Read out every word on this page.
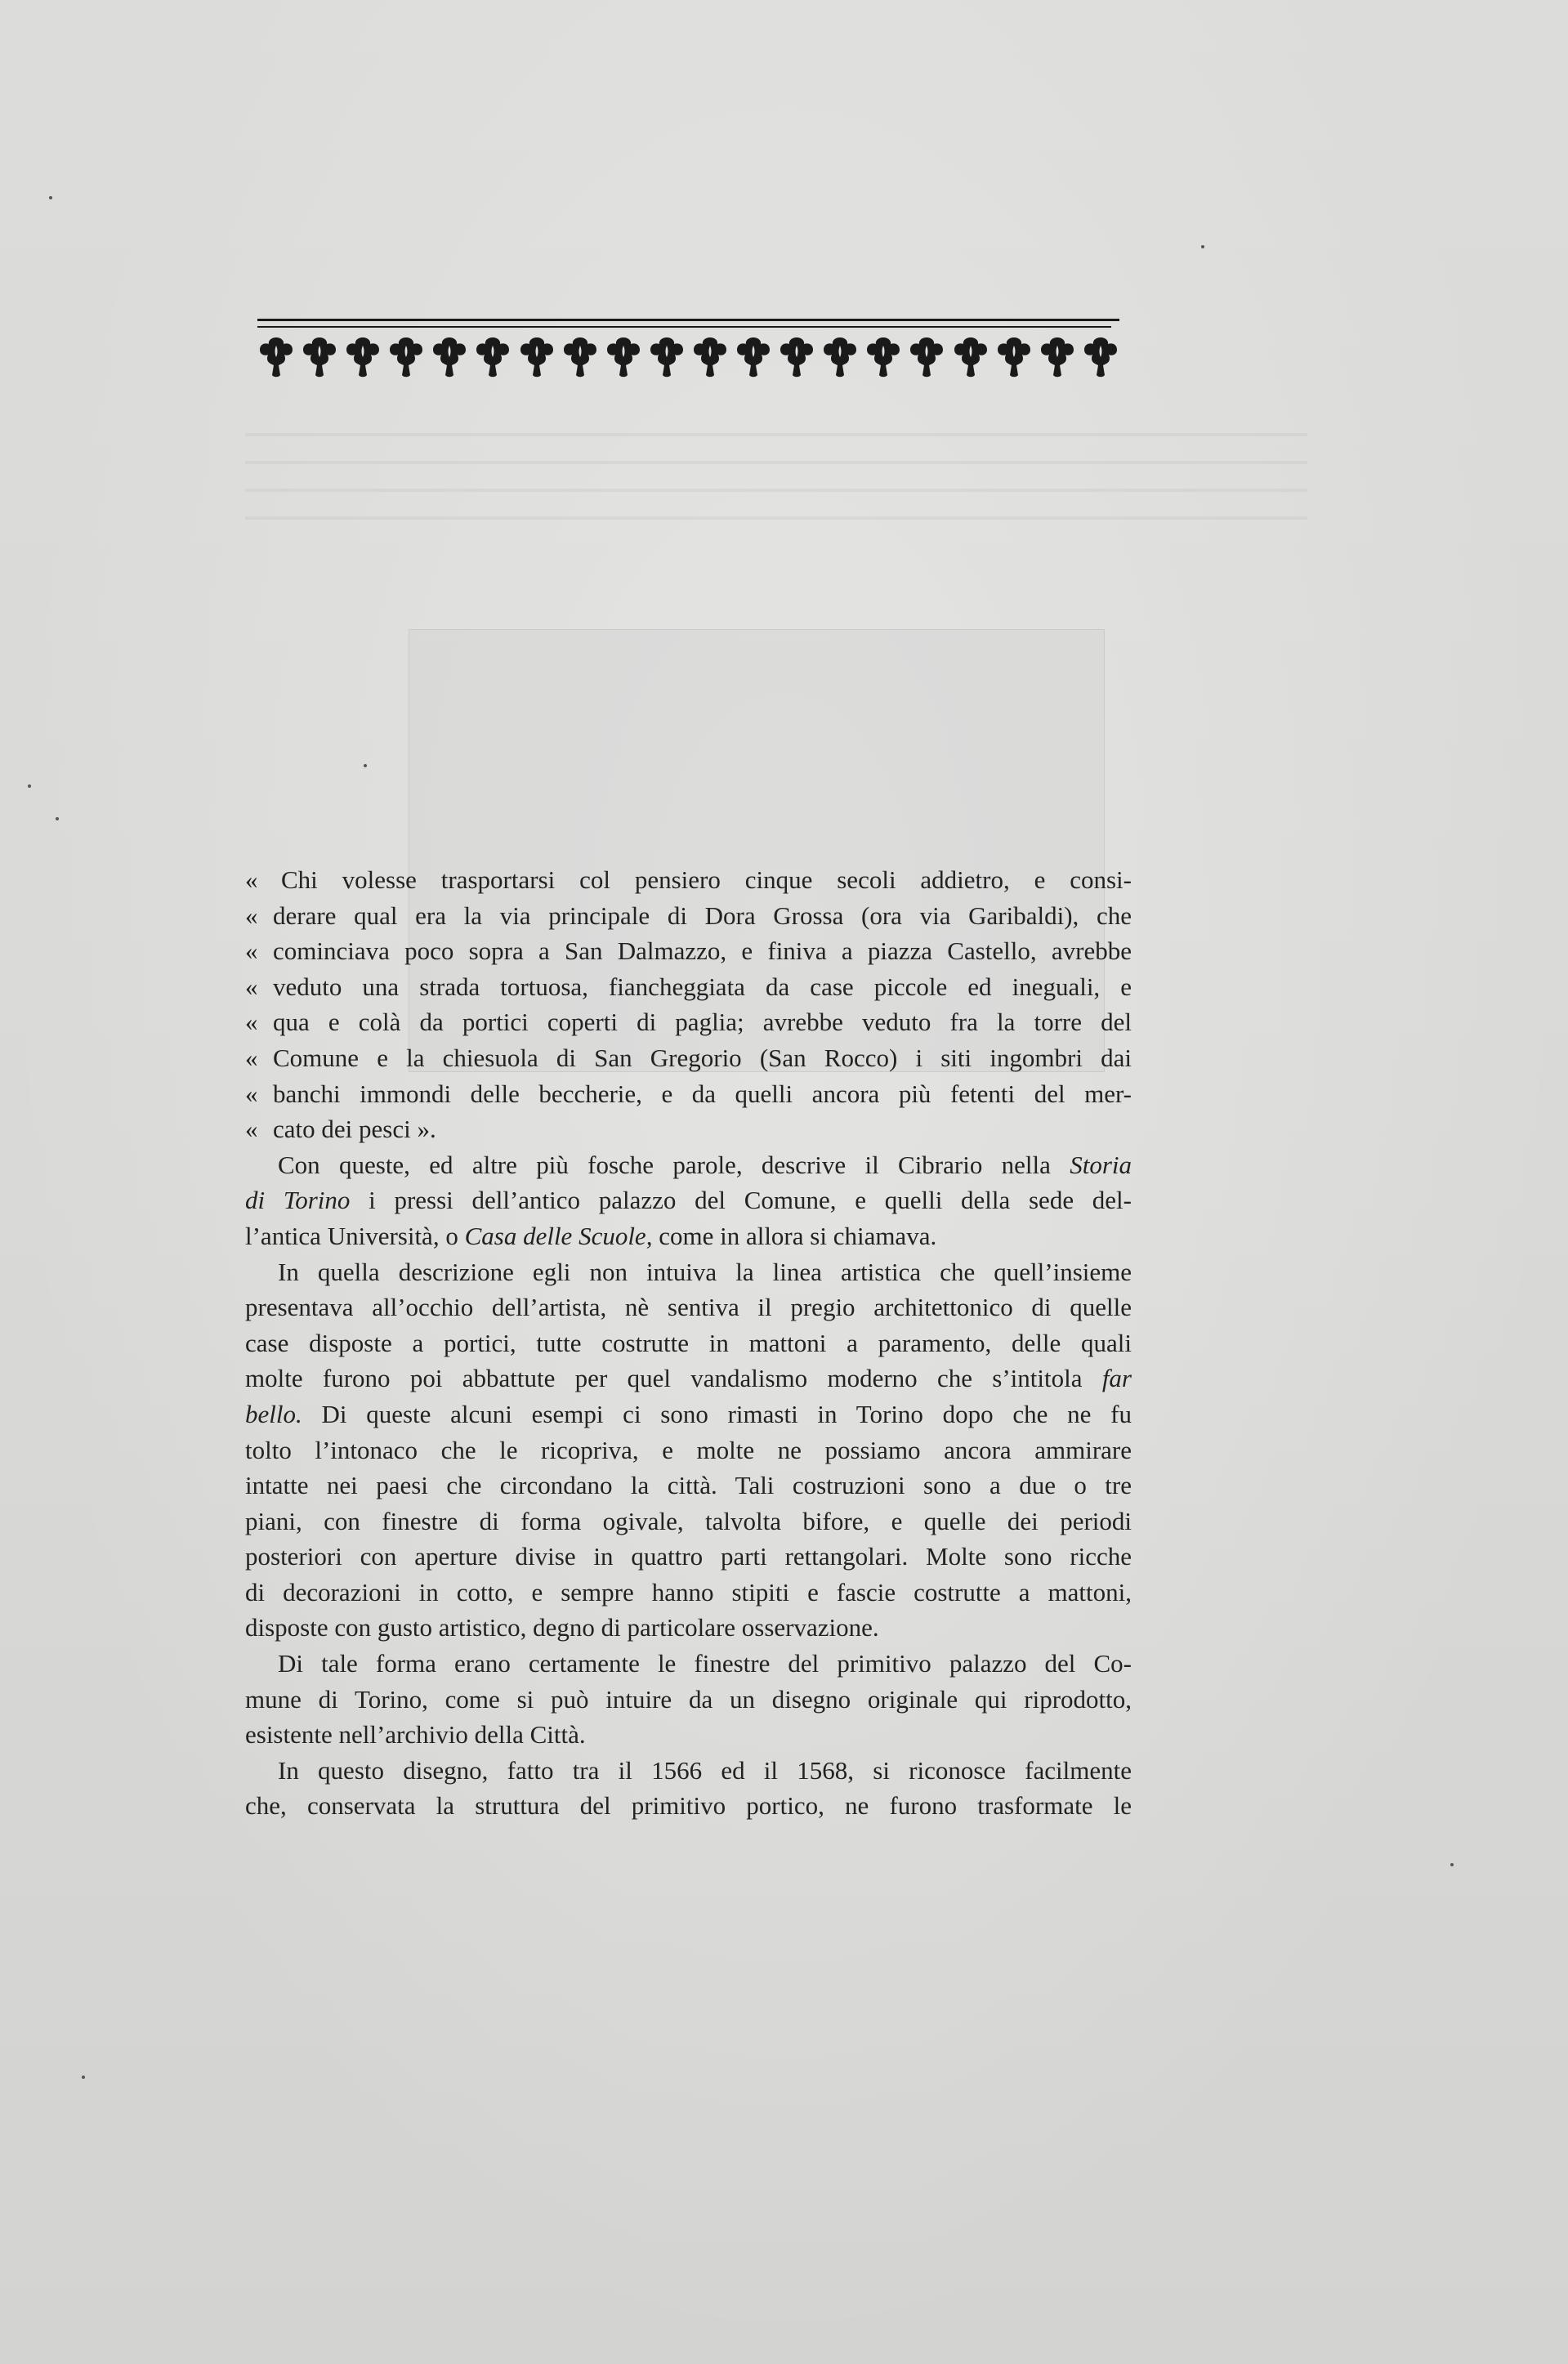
« Chi volesse trasportarsi col pensiero cinque secoli addietro, e consi-
« derare qual era la via principale di Dora Grossa (ora via Garibaldi), che
« cominciava poco sopra a San Dalmazzo, e finiva a piazza Castello, avrebbe
« veduto una strada tortuosa, fiancheggiata da case piccole ed ineguali, e
« qua e colà da portici coperti di paglia; avrebbe veduto fra la torre del
« Comune e la chiesuola di San Gregorio (San Rocco) i siti ingombri dai
« banchi immondi delle beccherie, e da quelli ancora più fetenti del mer-
« cato dei pesci ».
Con queste, ed altre più fosche parole, descrive il Cibrario nella Storia
di Torino i pressi dell’antico palazzo del Comune, e quelli della sede del-
l’antica Università, o Casa delle Scuole, come in allora si chiamava.
In quella descrizione egli non intuiva la linea artistica che quell’insieme
presentava all’occhio dell’artista, nè sentiva il pregio architettonico di quelle
case disposte a portici, tutte costrutte in mattoni a paramento, delle quali
molte furono poi abbattute per quel vandalismo moderno che s’intitola far
bello. Di queste alcuni esempi ci sono rimasti in Torino dopo che ne fu
tolto l’intonaco che le ricopriva, e molte ne possiamo ancora ammirare
intatte nei paesi che circondano la città. Tali costruzioni sono a due o tre
piani, con finestre di forma ogivale, talvolta bifore, e quelle dei periodi
posteriori con aperture divise in quattro parti rettangolari. Molte sono ricche
di decorazioni in cotto, e sempre hanno stipiti e fascie costrutte a mattoni,
disposte con gusto artistico, degno di particolare osservazione.
Di tale forma erano certamente le finestre del primitivo palazzo del Co-
mune di Torino, come si può intuire da un disegno originale qui riprodotto,
esistente nell’archivio della Città.
In questo disegno, fatto tra il 1566 ed il 1568, si riconosce facilmente
che, conservata la struttura del primitivo portico, ne furono trasformate le
